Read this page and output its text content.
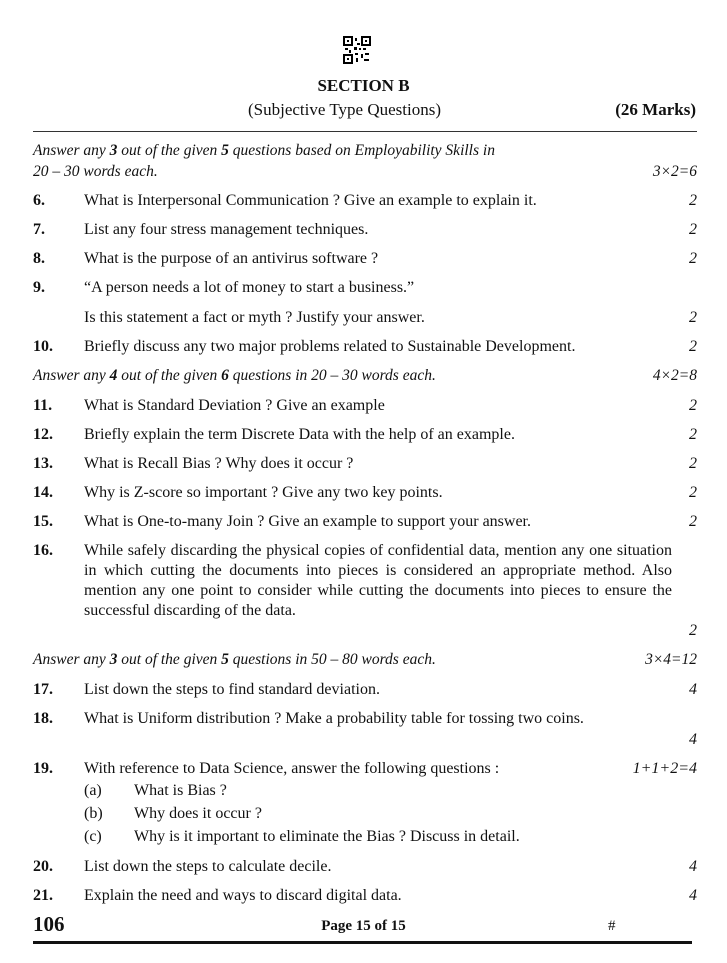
SECTION B
(Subjective Type Questions)	(26 Marks)
Answer any 3 out of the given 5 questions based on Employability Skills in
20 – 30 words each.	3×2=6
6. What is Interpersonal Communication ? Give an example to explain it.	2
7. List any four stress management techniques.	2
8. What is the purpose of an antivirus software ?	2
9. “A person needs a lot of money to start a business.”
Is this statement a fact or myth ? Justify your answer.	2
10. Briefly discuss any two major problems related to Sustainable Development.	2
Answer any 4 out of the given 6 questions in 20 – 30 words each.	4×2=8
11. What is Standard Deviation ? Give an example	2
12. Briefly explain the term Discrete Data with the help of an example.	2
13. What is Recall Bias ? Why does it occur ?	2
14. Why is Z-score so important ? Give any two key points.	2
15. What is One-to-many Join ? Give an example to support your answer.	2
16. While safely discarding the physical copies of confidential data, mention any one situation in which cutting the documents into pieces is considered an appropriate method. Also mention any one point to consider while cutting the documents into pieces to ensure the successful discarding of the data.
2
Answer any 3 out of the given 5 questions in 50 – 80 words each.	3×4=12
17. List down the steps to find standard deviation.	4
18. What is Uniform distribution ? Make a probability table for tossing two coins.
4
19. With reference to Data Science, answer the following questions :	1+1+2=4
(a) What is Bias ?
(b) Why does it occur ?
(c) Why is it important to eliminate the Bias ? Discuss in detail.
20. List down the steps to calculate decile.	4
21. Explain the need and ways to discard digital data.	4
106	Page 15 of 15	#
